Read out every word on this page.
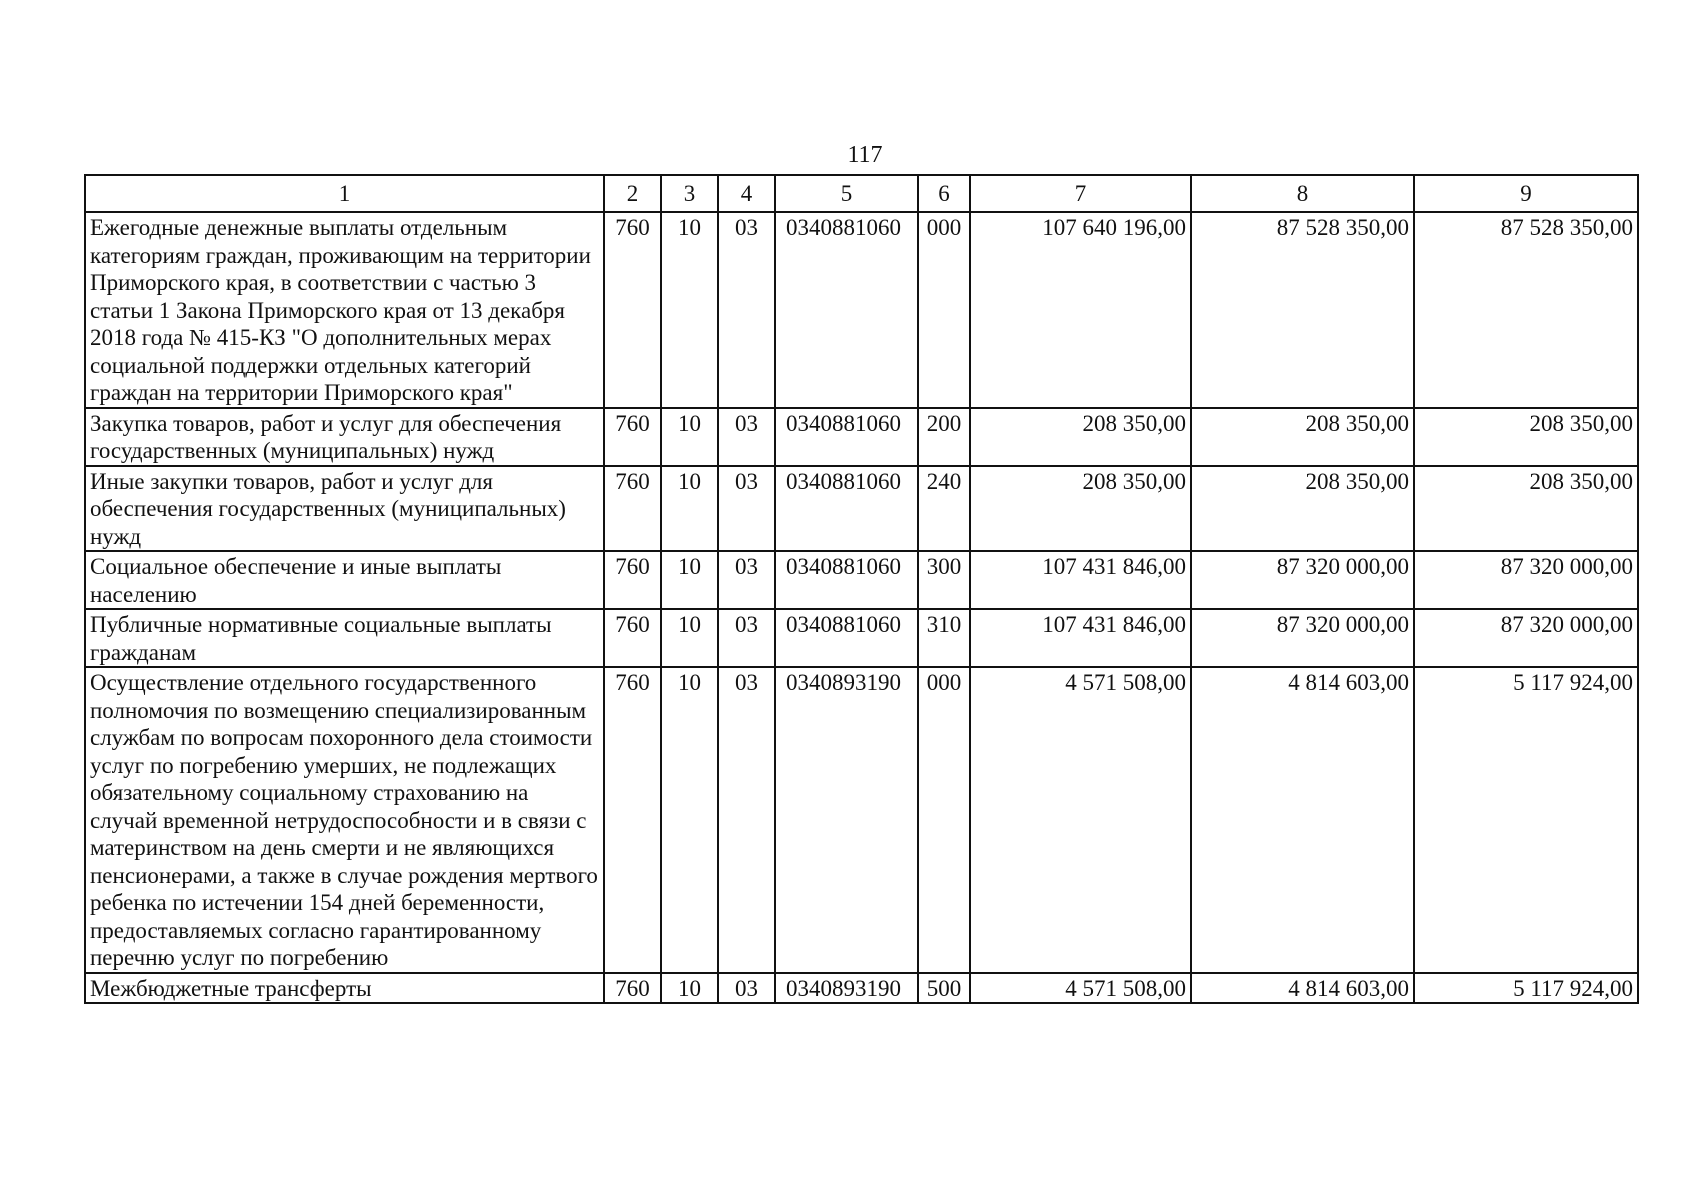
117
1	2	3	4	5	6	7	8	9
Ежегодные денежные выплаты отдельным категориям граждан, проживающим на территории Приморского края, в соответствии с частью 3 статьи 1 Закона Приморского края от 13 декабря 2018 года № 415-КЗ "О дополнительных мерах социальной поддержки отдельных категорий граждан на территории Приморского края"	760	10	03	0340881060	000	107 640 196,00	87 528 350,00	87 528 350,00
Закупка товаров, работ и услуг для обеспечения государственных (муниципальных) нужд	760	10	03	0340881060	200	208 350,00	208 350,00	208 350,00
Иные закупки товаров, работ и услуг для обеспечения государственных (муниципальных) нужд	760	10	03	0340881060	240	208 350,00	208 350,00	208 350,00
Социальное обеспечение и иные выплаты населению	760	10	03	0340881060	300	107 431 846,00	87 320 000,00	87 320 000,00
Публичные нормативные социальные выплаты гражданам	760	10	03	0340881060	310	107 431 846,00	87 320 000,00	87 320 000,00
Осуществление отдельного государственного полномочия по возмещению специализированным службам по вопросам похоронного дела стоимости услуг по погребению умерших, не подлежащих обязательному социальному страхованию на случай временной нетрудоспособности и в связи с материнством на день смерти и не являющихся пенсионерами, а также в случае рождения мертвого ребенка по истечении 154 дней беременности, предоставляемых согласно гарантированному перечню услуг по погребению	760	10	03	0340893190	000	4 571 508,00	4 814 603,00	5 117 924,00
Межбюджетные трансферты	760	10	03	0340893190	500	4 571 508,00	4 814 603,00	5 117 924,00
